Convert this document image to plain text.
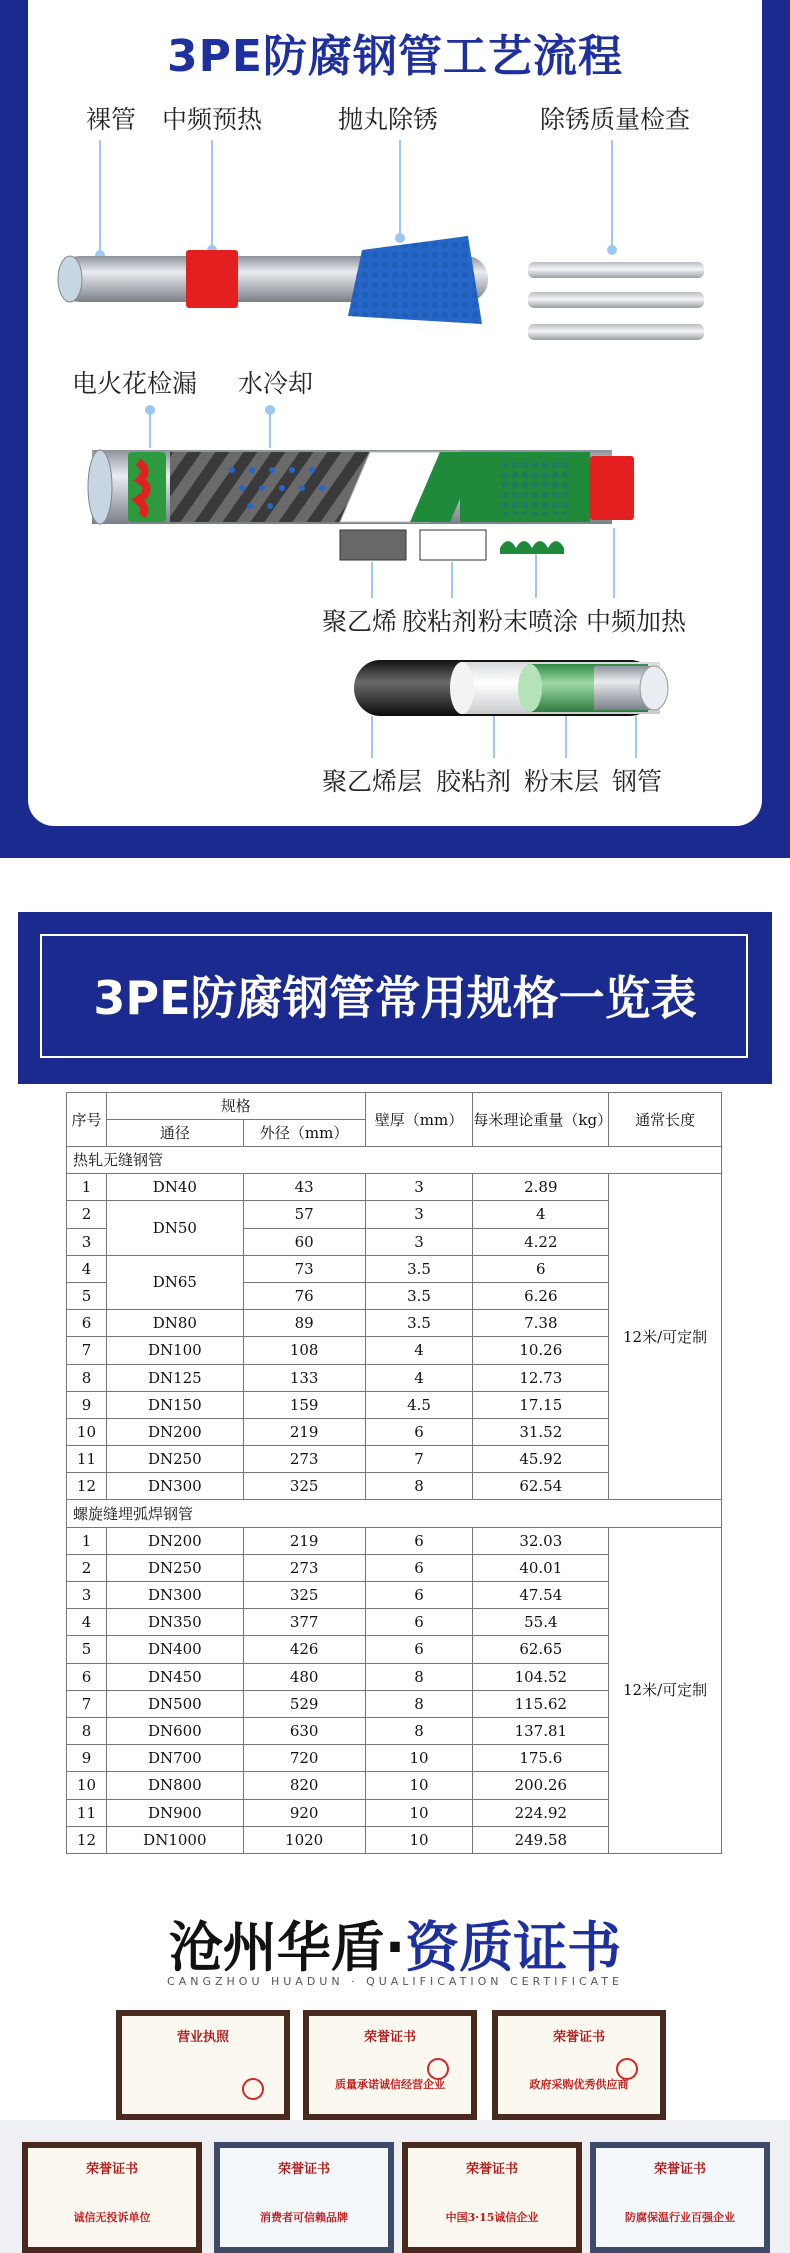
3PE防腐钢管工艺流程
裸管 中频预热	抛丸除锈	除锈质量检查
电火花检漏 水冷却
聚乙烯 胶粘剂 粉末喷涂 中频加热
聚乙烯层 胶粘剂 粉末层 钢管
3PE防腐钢管常用规格一览表
序号	规格		壁厚（mm）	每米理论重量（kg）	通常长度
	通径	外径（mm）			
热轧无缝钢管					
1	DN40	43	3	2.89	12米/可定制
2	DN50	57	3	4	
3		60	3	4.22	
4	DN65	73	3.5	6	
5		76	3.5	6.26	
6	DN80	89	3.5	7.38	
7	DN100	108	4	10.26	
8	DN125	133	4	12.73	
9	DN150	159	4.5	17.15	
10	DN200	219	6	31.52	
11	DN250	273	7	45.92	
12	DN300	325	8	62.54	
螺旋缝埋弧焊钢管					
1	DN200	219	6	32.03	12米/可定制
2	DN250	273	6	40.01	
3	DN300	325	6	47.54	
4	DN350	377	6	55.4	
5	DN400	426	6	62.65	
6	DN450	480	8	104.52	
7	DN500	529	8	115.62	
8	DN600	630	8	137.81	
9	DN700	720	10	175.6	
10	DN800	820	10	200.26	
11	DN900	920	10	224.92	
12	DN1000	1020	10	249.58	
沧州华盾·资质证书
CANGZHOU HUADUN · QUALIFICATION CERTIFICATE
营业执照	荣誉证书
质量承诺诚信经营企业
荣誉证书
政府采购优秀供应商
荣誉证书
诚信无投诉单位
荣誉证书
消费者可信赖品牌
荣誉证书
中国3·15诚信企业
荣誉证书
防腐保温行业百强企业
